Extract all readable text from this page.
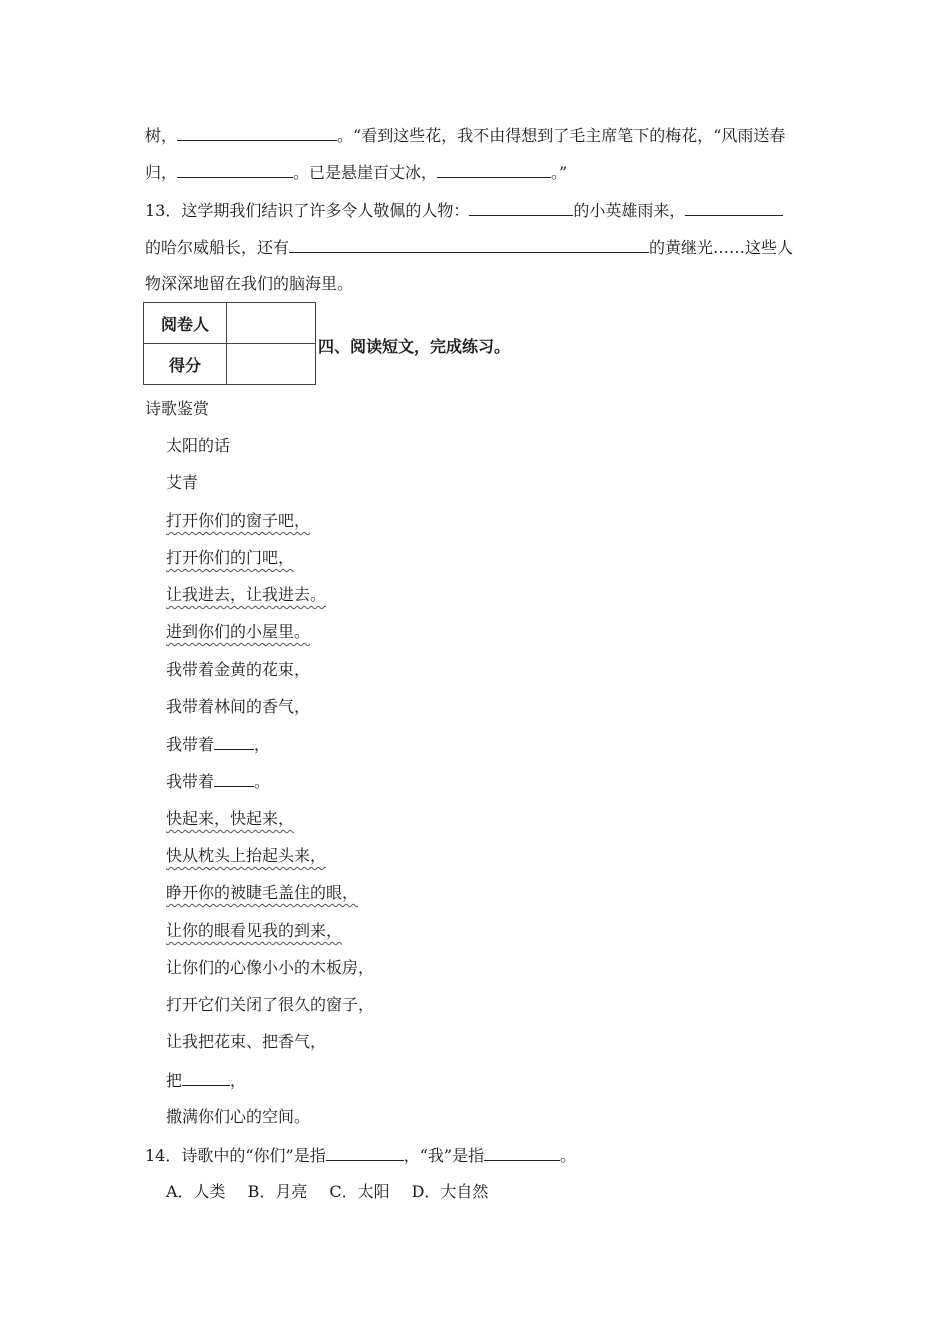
树，	。“看到这些花，我不由得想到了毛主席笔下的梅花，“风雨送春
归，	。已是悬崖百丈冰，	。”
13．这学期我们结识了许多令人敬佩的人物：	的小英雄雨来，
的哈尔威船长，还有	的黄继光……这些人
物深深地留在我们的脑海里。
阅卷人	
得分	
四、阅读短文，完成练习。
诗歌鉴赏
太阳的话
艾青
打开你们的窗子吧，
打开你们的门吧，
让我进去，让我进去。
进到你们的小屋里。
我带着金黄的花束，
我带着林间的香气，
我带着	，
我带着	。
快起来，快起来，
快从枕头上抬起头来，
睁开你的被睫毛盖住的眼，
让你的眼看见我的到来，
让你们的心像小小的木板房，
打开它们关闭了很久的窗子，
让我把花束、把香气，
把	，
撒满你们心的空间。
14．诗歌中的“你们”是指	，“我”是指	。
A．人类 B．月亮 C．太阳 D．大自然
